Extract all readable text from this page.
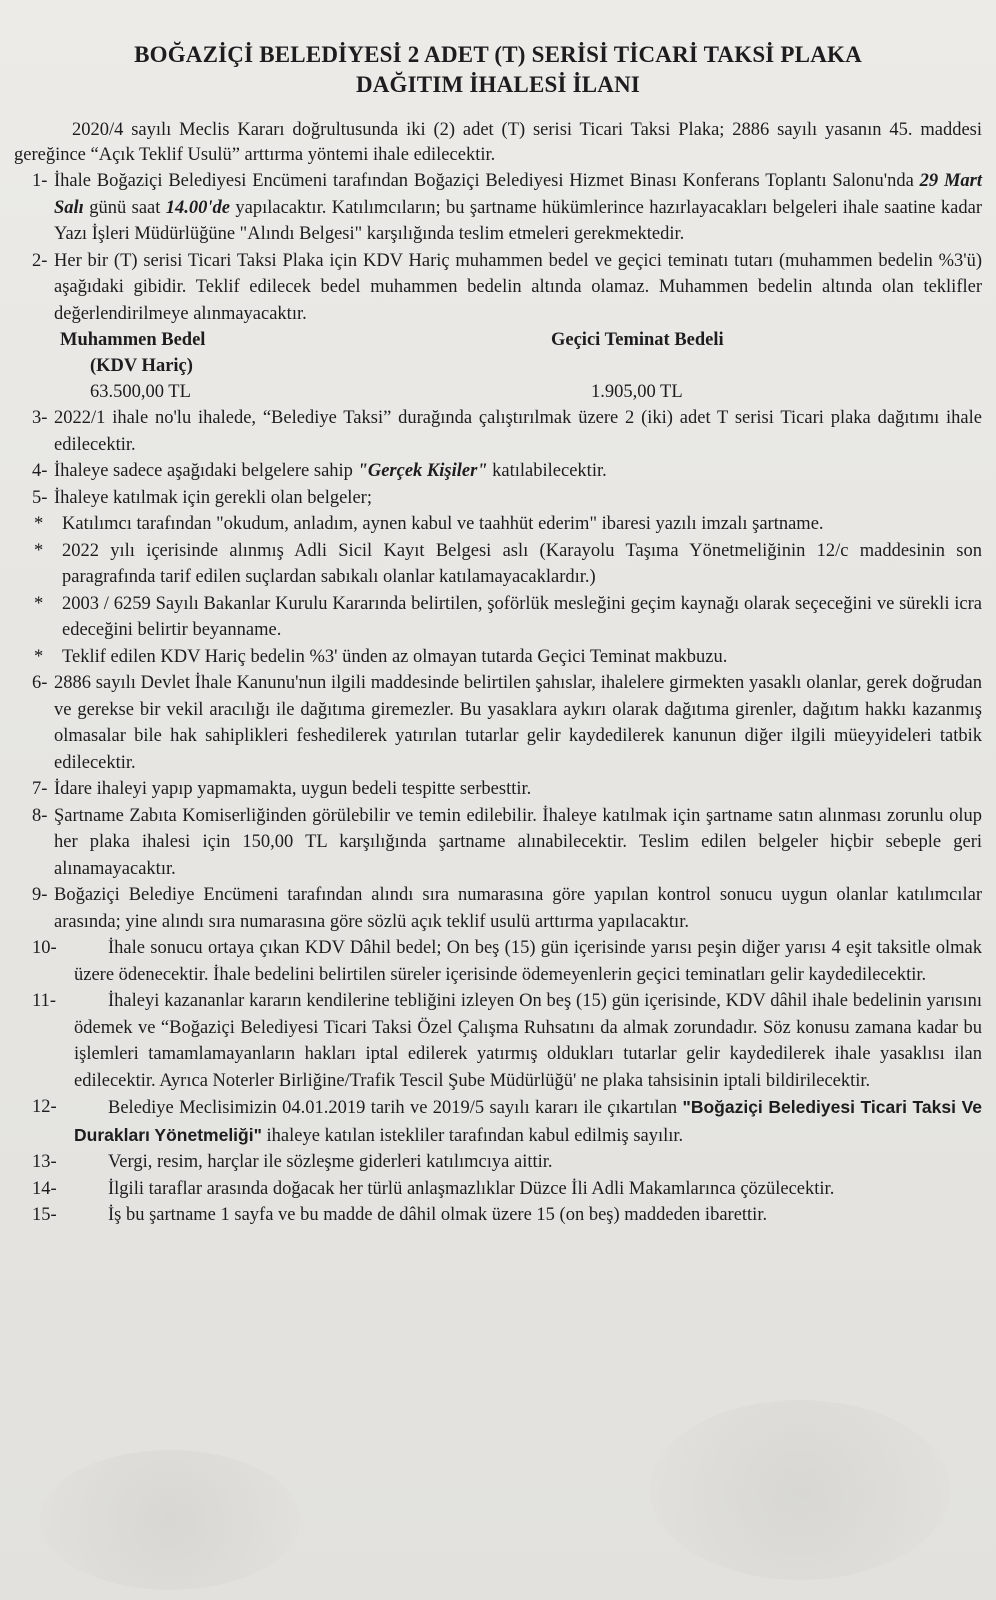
BOĞAZİÇİ BELEDİYESİ 2 ADET (T) SERİSİ TİCARİ TAKSİ PLAKA
DAĞITIM İHALESİ İLANI

2020/4 sayılı Meclis Kararı doğrultusunda iki (2) adet (T) serisi Ticari Taksi Plaka; 2886 sayılı yasanın 45. maddesi gereğince “Açık Teklif Usulü” arttırma yöntemi ihale edilecektir.

1- İhale Boğaziçi Belediyesi Encümeni tarafından Boğaziçi Belediyesi Hizmet Binası Konferans Toplantı Salonu'nda 29 Mart Salı günü saat 14.00'de yapılacaktır. Katılımcıların; bu şartname hükümlerince hazırlayacakları belgeleri ihale saatine kadar Yazı İşleri Müdürlüğüne "Alındı Belgesi" karşılığında teslim etmeleri gerekmektedir.
2- Her bir (T) serisi Ticari Taksi Plaka için KDV Hariç muhammen bedel ve geçici teminatı tutarı (muhammen bedelin %3'ü) aşağıdaki gibidir. Teklif edilecek bedel muhammen bedelin altında olamaz. Muhammen bedelin altında olan teklifler değerlendirilmeye alınmayacaktır.
Muhammen Bedel	Geçici Teminat Bedeli
(KDV Hariç)
63.500,00 TL	1.905,00 TL
3- 2022/1 ihale no'lu ihalede, “Belediye Taksi” durağında çalıştırılmak üzere 2 (iki) adet T serisi Ticari plaka dağıtımı ihale edilecektir.
4- İhaleye sadece aşağıdaki belgelere sahip "Gerçek Kişiler" katılabilecektir.
5- İhaleye katılmak için gerekli olan belgeler;
*	Katılımcı tarafından "okudum, anladım, aynen kabul ve taahhüt ederim" ibaresi yazılı imzalı şartname.
*	2022 yılı içerisinde alınmış Adli Sicil Kayıt Belgesi aslı (Karayolu Taşıma Yönetmeliğinin 12/c maddesinin son paragrafında tarif edilen suçlardan sabıkalı olanlar katılamayacaklardır.)
*	2003 / 6259 Sayılı Bakanlar Kurulu Kararında belirtilen, şoförlük mesleğini geçim kaynağı olarak seçeceğini ve sürekli icra edeceğini belirtir beyanname.
*	Teklif edilen KDV Hariç bedelin %3' ünden az olmayan tutarda Geçici Teminat makbuzu.
6- 2886 sayılı Devlet İhale Kanunu'nun ilgili maddesinde belirtilen şahıslar, ihalelere girmekten yasaklı olanlar, gerek doğrudan ve gerekse bir vekil aracılığı ile dağıtıma giremezler. Bu yasaklara aykırı olarak dağıtıma girenler, dağıtım hakkı kazanmış olmasalar bile hak sahiplikleri feshedilerek yatırılan tutarlar gelir kaydedilerek kanunun diğer ilgili müeyyideleri tatbik edilecektir.
7- İdare ihaleyi yapıp yapmamakta, uygun bedeli tespitte serbesttir.
8- Şartname Zabıta Komiserliğinden görülebilir ve temin edilebilir. İhaleye katılmak için şartname satın alınması zorunlu olup her plaka ihalesi için 150,00 TL karşılığında şartname alınabilecektir. Teslim edilen belgeler hiçbir sebeple geri alınamayacaktır.
9- Boğaziçi Belediye Encümeni tarafından alındı sıra numarasına göre yapılan kontrol sonucu uygun olanlar katılımcılar arasında; yine alındı sıra numarasına göre sözlü açık teklif usulü arttırma yapılacaktır.
10-	İhale sonucu ortaya çıkan KDV Dâhil bedel; On beş (15) gün içerisinde yarısı peşin diğer yarısı 4 eşit taksitle olmak üzere ödenecektir. İhale bedelini belirtilen süreler içerisinde ödemeyenlerin geçici teminatları gelir kaydedilecektir.
11-	İhaleyi kazananlar kararın kendilerine tebliğini izleyen On beş (15) gün içerisinde, KDV dâhil ihale bedelinin yarısını ödemek ve “Boğaziçi Belediyesi Ticari Taksi Özel Çalışma Ruhsatını da almak zorundadır. Söz konusu zamana kadar bu işlemleri tamamlamayanların hakları iptal edilerek yatırmış oldukları tutarlar gelir kaydedilerek ihale yasaklısı ilan edilecektir. Ayrıca Noterler Birliğine/Trafik Tescil Şube Müdürlüğü' ne plaka tahsisinin iptali bildirilecektir.
12-	Belediye Meclisimizin 04.01.2019 tarih ve 2019/5 sayılı kararı ile çıkartılan "Boğaziçi Belediyesi Ticari Taksi Ve Durakları Yönetmeliği" ihaleye katılan istekliler tarafından kabul edilmiş sayılır.
13-	Vergi, resim, harçlar ile sözleşme giderleri katılımcıya aittir.
14-	İlgili taraflar arasında doğacak her türlü anlaşmazlıklar Düzce İli Adli Makamlarınca çözülecektir.
15-	İş bu şartname 1 sayfa ve bu madde de dâhil olmak üzere 15 (on beş) maddeden ibarettir.
